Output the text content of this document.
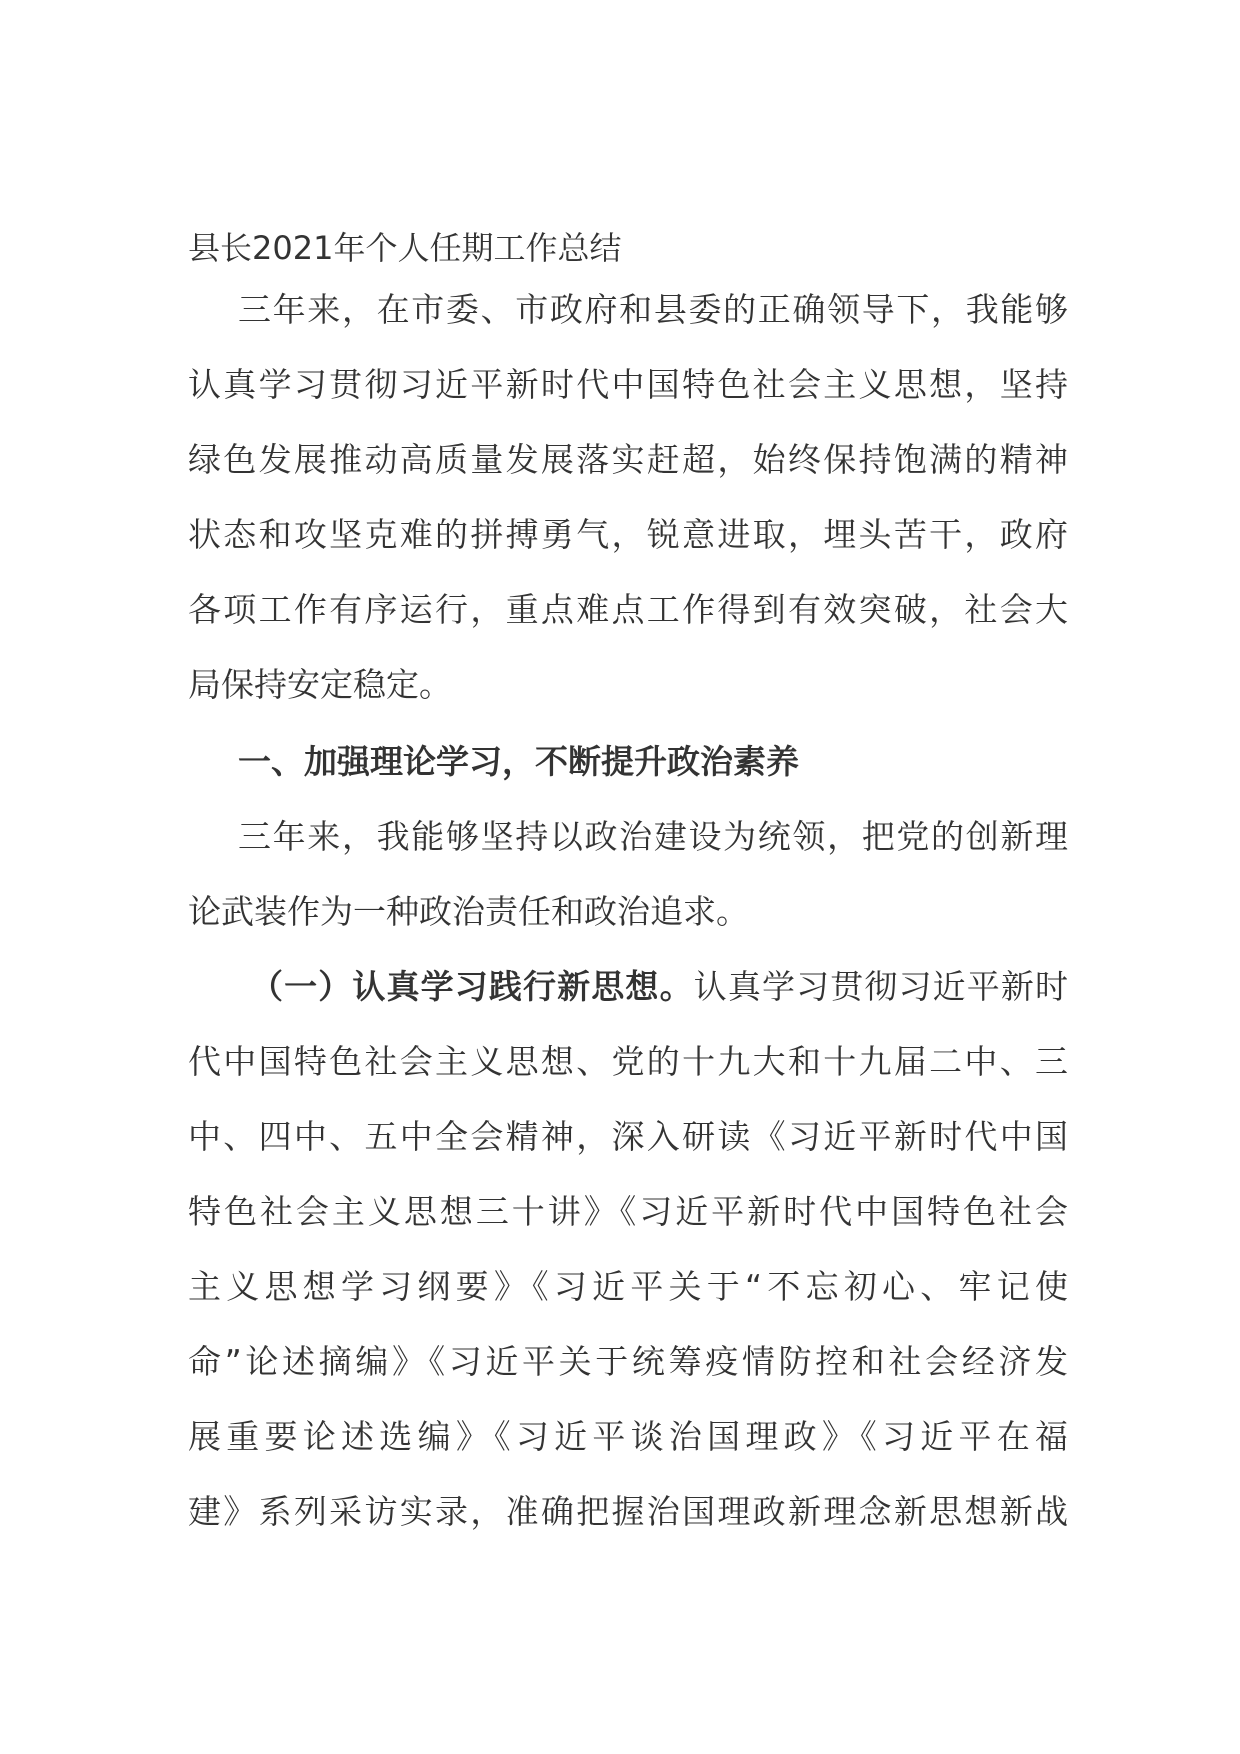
县长2021年个人任期工作总结
三年来，在市委、市政府和县委的正确领导下，我能够
认真学习贯彻习近平新时代中国特色社会主义思想，坚持
绿色发展推动高质量发展落实赶超，始终保持饱满的精神
状态和攻坚克难的拼搏勇气，锐意进取，埋头苦干，政府
各项工作有序运行，重点难点工作得到有效突破，社会大
局保持安定稳定。
一、加强理论学习，不断提升政治素养
三年来，我能够坚持以政治建设为统领，把党的创新理
论武装作为一种政治责任和政治追求。
（一）认真学习践行新思想。认真学习贯彻习近平新时
代中国特色社会主义思想、党的十九大和十九届二中、三
中、四中、五中全会精神，深入研读《习近平新时代中国
特色社会主义思想三十讲》《习近平新时代中国特色社会
主义思想学习纲要》《习近平关于“不忘初心、牢记使
命”论述摘编》《习近平关于统筹疫情防控和社会经济发
展重要论述选编》《习近平谈治国理政》《习近平在福
建》系列采访实录，准确把握治国理政新理念新思想新战
